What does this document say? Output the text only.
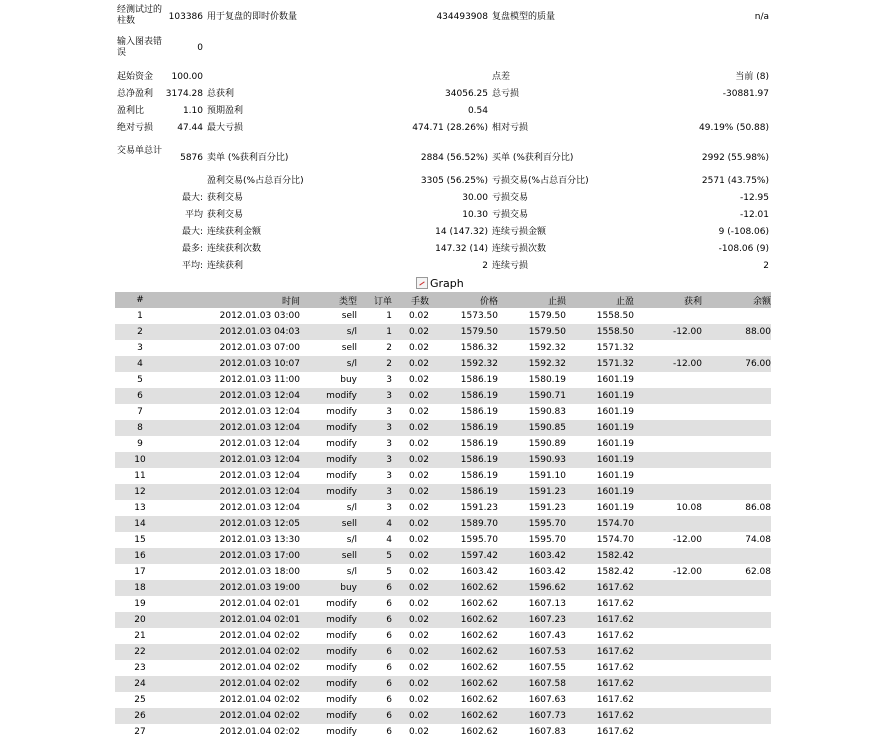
经测试过的柱数	103386 用于复盘的即时价数量	434493908 复盘模型的质量	n/a
输入图表错误	0
起始资金	100.00	点差	当前 (8)
总净盈利	3174.28 总获利	34056.25 总亏损	-30881.97
盈利比	1.10 预期盈利	0.54
绝对亏损	47.44 最大亏损	474.71 (28.26%) 相对亏损	49.19% (50.88)
交易单总计
5876 卖单 (%获利百分比)	2884 (56.52%) 买单 (%获利百分比)	2992 (55.98%)
盈利交易(%占总百分比)	3305 (56.25%) 亏损交易(%占总百分比)	2571 (43.75%)
最大: 获利交易	30.00 亏损交易	-12.95
平均 获利交易	10.30 亏损交易	-12.01
最大: 连续获利金额	14 (147.32) 连续亏损金额	9 (-108.06)
最多: 连续获利次数	147.32 (14) 连续亏损次数	-108.06 (9)
平均: 连续获利	2 连续亏损	2
Graph
#	时间	类型	订单	手数	价格	止损	止盈	获利	余额
1	2012.01.03 03:00	sell	1	0.02	1573.50	1579.50	1558.50		
2	2012.01.03 04:03	s/l	1	0.02	1579.50	1579.50	1558.50	-12.00	88.00
3	2012.01.03 07:00	sell	2	0.02	1586.32	1592.32	1571.32		
4	2012.01.03 10:07	s/l	2	0.02	1592.32	1592.32	1571.32	-12.00	76.00
5	2012.01.03 11:00	buy	3	0.02	1586.19	1580.19	1601.19		
6	2012.01.03 12:04	modify	3	0.02	1586.19	1590.71	1601.19		
7	2012.01.03 12:04	modify	3	0.02	1586.19	1590.83	1601.19		
8	2012.01.03 12:04	modify	3	0.02	1586.19	1590.85	1601.19		
9	2012.01.03 12:04	modify	3	0.02	1586.19	1590.89	1601.19		
10	2012.01.03 12:04	modify	3	0.02	1586.19	1590.93	1601.19		
11	2012.01.03 12:04	modify	3	0.02	1586.19	1591.10	1601.19		
12	2012.01.03 12:04	modify	3	0.02	1586.19	1591.23	1601.19		
13	2012.01.03 12:04	s/l	3	0.02	1591.23	1591.23	1601.19	10.08	86.08
14	2012.01.03 12:05	sell	4	0.02	1589.70	1595.70	1574.70		
15	2012.01.03 13:30	s/l	4	0.02	1595.70	1595.70	1574.70	-12.00	74.08
16	2012.01.03 17:00	sell	5	0.02	1597.42	1603.42	1582.42		
17	2012.01.03 18:00	s/l	5	0.02	1603.42	1603.42	1582.42	-12.00	62.08
18	2012.01.03 19:00	buy	6	0.02	1602.62	1596.62	1617.62		
19	2012.01.04 02:01	modify	6	0.02	1602.62	1607.13	1617.62		
20	2012.01.04 02:01	modify	6	0.02	1602.62	1607.23	1617.62		
21	2012.01.04 02:02	modify	6	0.02	1602.62	1607.43	1617.62		
22	2012.01.04 02:02	modify	6	0.02	1602.62	1607.53	1617.62		
23	2012.01.04 02:02	modify	6	0.02	1602.62	1607.55	1617.62		
24	2012.01.04 02:02	modify	6	0.02	1602.62	1607.58	1617.62		
25	2012.01.04 02:02	modify	6	0.02	1602.62	1607.63	1617.62		
26	2012.01.04 02:02	modify	6	0.02	1602.62	1607.73	1617.62		
27	2012.01.04 02:02	modify	6	0.02	1602.62	1607.83	1617.62		
